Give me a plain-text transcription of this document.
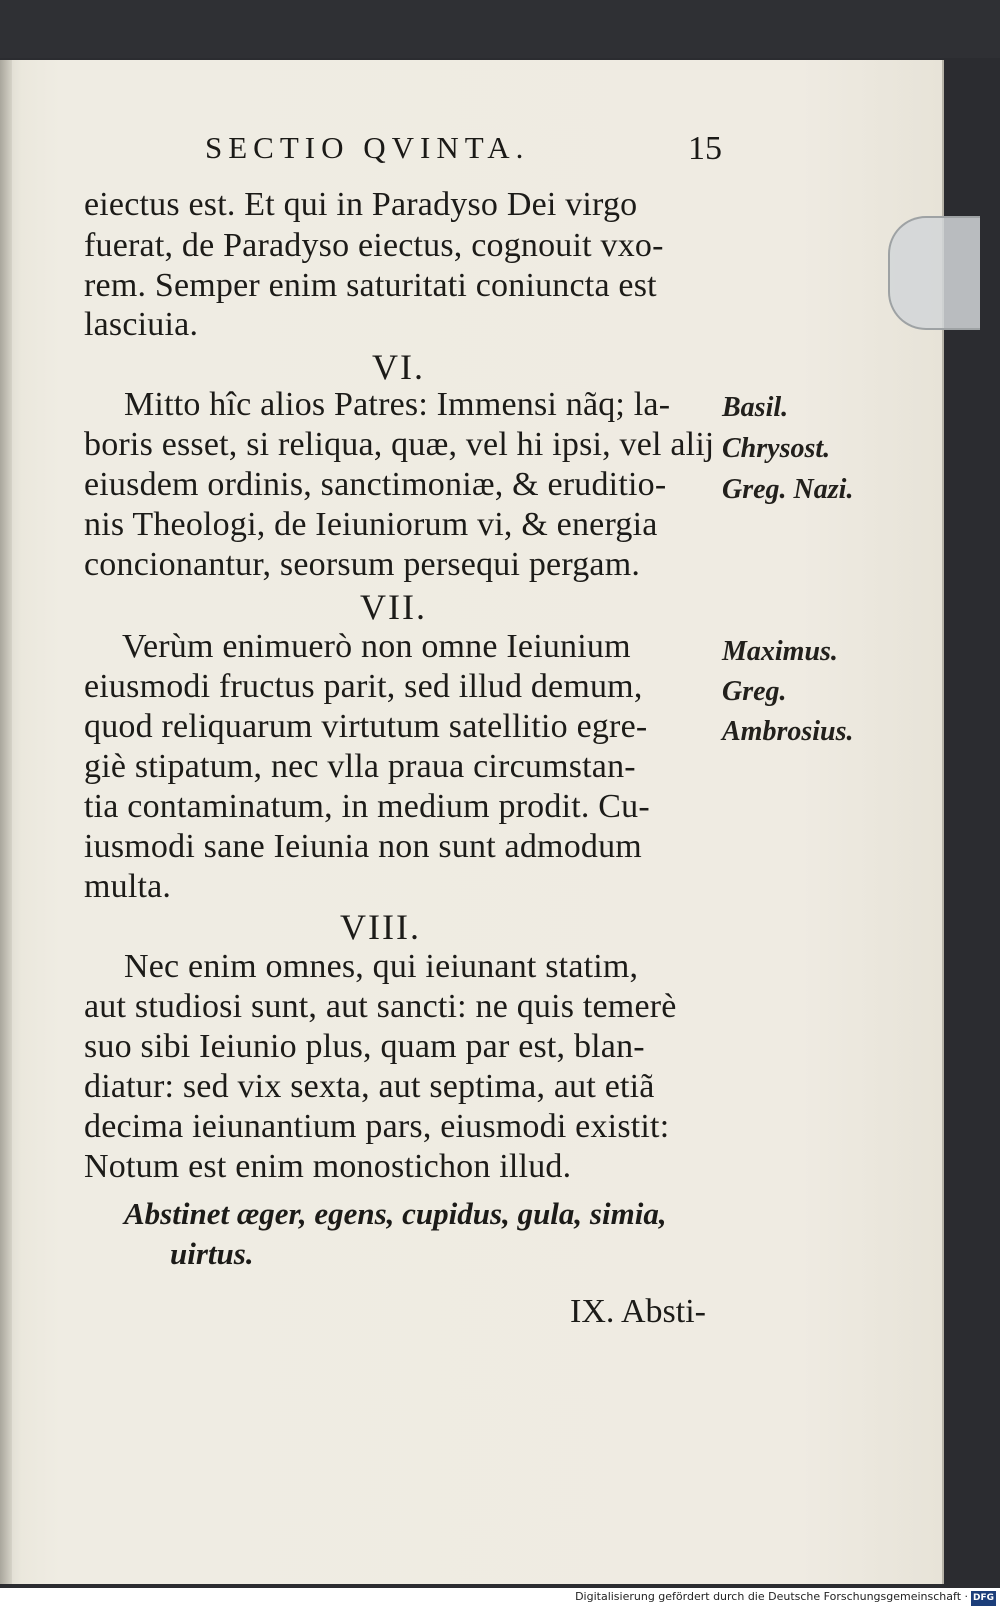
SECTIO QVINTA.	15
eiectus est. Et qui in Paradyso Dei virgo
fuerat, de Paradyso eiectus, cognouit vxo-
rem. Semper enim saturitati coniuncta est
lasciuia.
VI.
Mitto hîc alios Patres: Immensi nãq; la-
boris esset, si reliqua, quæ, vel hi ipsi, vel alĳ
eiusdem ordinis, sanctimoniæ, & eruditio-
nis Theologi, de Ieiuniorum vi, & energia
concionantur, seorsum persequi pergam.
Basil.
Chrysost.
Greg. Nazi.
VII.
Verùm enimuerò non omne Ieiunium
eiusmodi fructus parit, sed illud demum,
quod reliquarum virtutum satellitio egre-
giè stipatum, nec vlla praua circumstan-
tia contaminatum, in medium prodit. Cu-
iusmodi sane Ieiunia non sunt admodum
multa.
Maximus.
Greg.
Ambrosius.
VIII.
Nec enim omnes, qui ieiunant statim,
aut studiosi sunt, aut sancti: ne quis temerè
suo sibi Ieiunio plus, quam par est, blan-
diatur: sed vix sexta, aut septima, aut etiã
decima ieiunantium pars, eiusmodi existit:
Notum est enim monostichon illud.
Abstinet æger, egens, cupidus, gula, simia,
uirtus.
IX. Absti-
Digitalisierung gefördert durch die Deutsche Forschungsgemeinschaft · DFG
